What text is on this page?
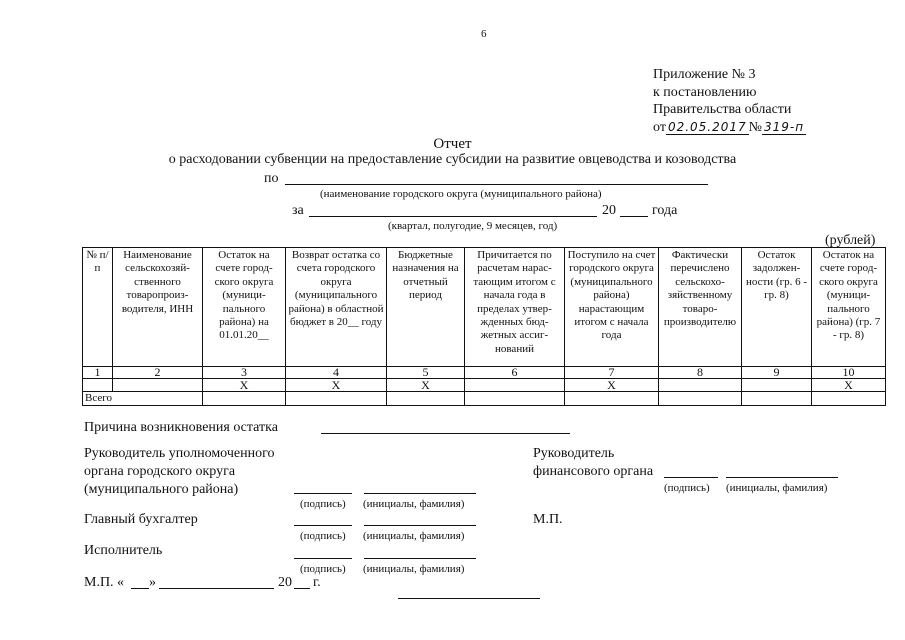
6
Приложение № 3
к постановлению
Правительства области
от 02.05.2017 № 319-п
Отчет
о расходовании субвенции на предоставление субсидии на развитие овцеводства и козоводства
по
(наименование городского округа (муниципального района)
за	20	года
(квартал, полугодие, 9 месяцев, год)
(рублей)
№ п/п	Наименование сельскохозяйственного товаропроизводителя, ИНН	Остаток на счете городского округа (муниципального района) на 01.01.20__	Возврат остатка со счета городского округа (муниципального района) в областной бюджет в 20__ году	Бюджетные назначения на отчетный период	Причитается по расчетам нарастающим итогом с начала года в пределах утвержденных бюджетных ассигнований	Поступило на счет городского округа (муниципального района) нарастающим итогом с начала года	Фактически перечислено сельскохозяйственному товаропроизводителю	Остаток задолженности (гр. 6 - гр. 8)	Остаток на счете городского округа (муниципального района) (гр. 7 - гр. 8)
1	2	3	4	5	6	7	8	9	10
		Х	Х	Х		Х			Х
Всего									
Причина возникновения остатка
Руководитель уполномоченного
органа городского округа
(муниципального района)
(подпись) (инициалы, фамилия)
Руководитель
финансового органа
(подпись) (инициалы, фамилия)
Главный бухгалтер
(подпись) (инициалы, фамилия)
М.П.
Исполнитель
(подпись) (инициалы, фамилия)
М.П. « »	20 г.
